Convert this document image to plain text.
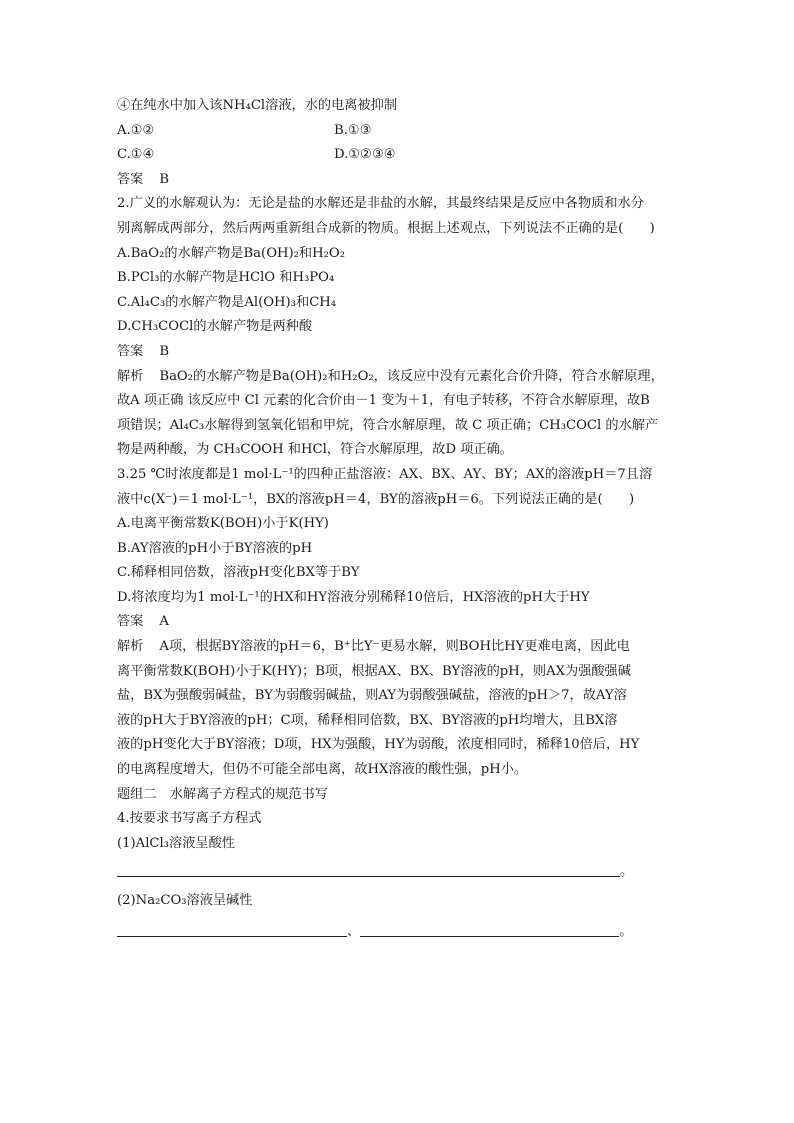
④在纯水中加入该NH₄Cl溶液，水的电离被抑制
A.①②	B.①③
C.①④	D.①②③④
答案 B
2.广义的水解观认为：无论是盐的水解还是非盐的水解，其最终结果是反应中各物质和水分
别离解成两部分，然后两两重新组合成新的物质。根据上述观点，下列说法不正确的是(　　)
A.BaO₂的水解产物是Ba(OH)₂和H₂O₂
B.PCl₃的水解产物是HClO 和H₃PO₄
C.Al₄C₃的水解产物是Al(OH)₃和CH₄
D.CH₃COCl的水解产物是两种酸
答案 B
解析 BaO₂的水解产物是Ba(OH)₂和H₂O₂，该反应中没有元素化合价升降，符合水解原理，
故A 项正确 该反应中 Cl 元素的化合价由－1 变为＋1，有电子转移，不符合水解原理，故B
项错误；Al₄C₃水解得到氢氧化铝和甲烷，符合水解原理，故 C 项正确；CH₃COCl 的水解产
物是两种酸，为 CH₃COOH 和HCl，符合水解原理，故D 项正确。
3.25 ℃时浓度都是1 mol·L⁻¹的四种正盐溶液：AX、BX、AY、BY；AX的溶液pH＝7且溶
液中c(X⁻)＝1 mol·L⁻¹，BX的溶液pH＝4，BY的溶液pH＝6。下列说法正确的是(　　)
A.电离平衡常数K(BOH)小于K(HY)
B.AY溶液的pH小于BY溶液的pH
C.稀释相同倍数，溶液pH变化BX等于BY
D.将浓度均为1 mol·L⁻¹的HX和HY溶液分别稀释10倍后，HX溶液的pH大于HY
答案 A
解析 A项，根据BY溶液的pH＝6，B⁺比Y⁻更易水解，则BOH比HY更难电离，因此电
离平衡常数K(BOH)小于K(HY)；B项，根据AX、BX、BY溶液的pH，则AX为强酸强碱
盐，BX为强酸弱碱盐，BY为弱酸弱碱盐，则AY为弱酸强碱盐，溶液的pH＞7，故AY溶
液的pH大于BY溶液的pH；C项，稀释相同倍数，BX、BY溶液的pH均增大，且BX溶
液的pH变化大于BY溶液；D项，HX为强酸，HY为弱酸，浓度相同时，稀释10倍后，HY
的电离程度增大，但仍不可能全部电离，故HX溶液的酸性强，pH小。
题组二　水解离子方程式的规范书写
4.按要求书写离子方程式
(1)AlCl₃溶液呈酸性
。
(2)Na₂CO₃溶液呈碱性
、	。
